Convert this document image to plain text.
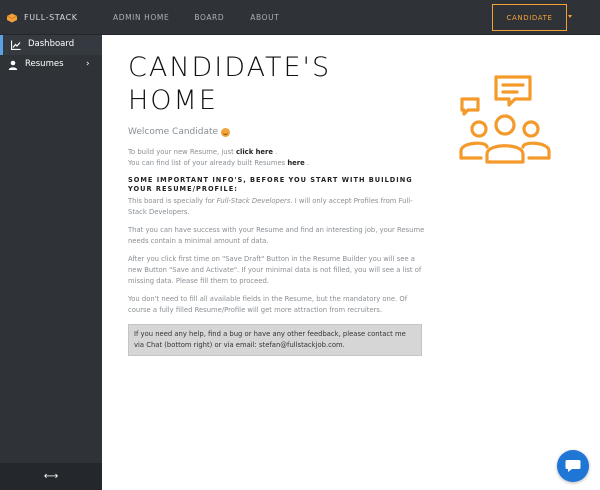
FULL-STACK	ADMIN HOME	BOARD	ABOUT	CANDIDATE
Dashboard
Resumes ›
⟷
CANDIDATE'S
HOME
Welcome Candidate
To build your new Resume, just click here .
You can find list of your already built Resumes here .
SOME IMPORTANT INFO'S, BEFORE YOU START WITH BUILDING YOUR RESUME/PROFILE:
This board is specially for Full-Stack Developers. I will only accept Profiles from Full-Stack Developers.
That you can have success with your Resume and find an interesting job, your Resume needs contain a minimal amount of data.
After you click first time on "Save Draft" Button in the Resume Builder you will see a new Button "Save and Activate". If your minimal data is not filled, you will see a list of missing data. Please fill them to proceed.
You don't need to fill all available fields in the Resume, but the mandatory one. Of course a fully filled Resume/Profile will get more attraction from recruiters.
If you need any help, find a bug or have any other feedback, please contact me via Chat (bottom right) or via email: stefan@fullstackjob.com.
